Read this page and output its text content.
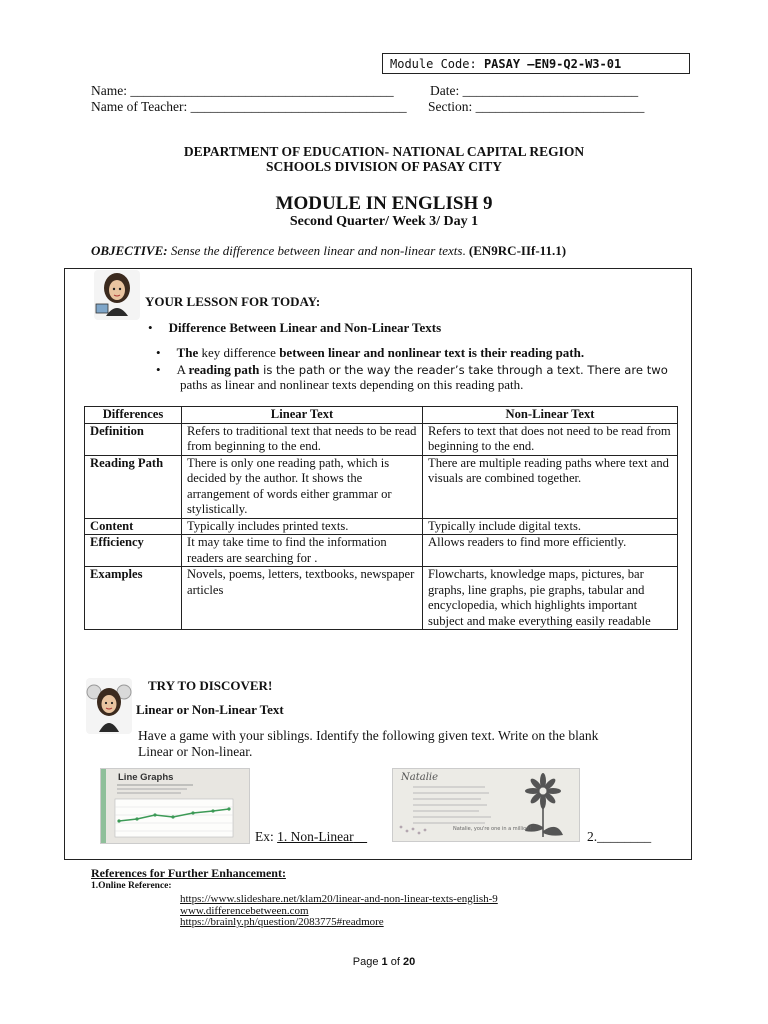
Module Code: PASAY –EN9-Q2-W3-01
Name: _______________________________________	Date: __________________________
Name of Teacher: ________________________________ Section: _________________________
DEPARTMENT OF EDUCATION- NATIONAL CAPITAL REGION
SCHOOLS DIVISION OF PASAY CITY
MODULE IN ENGLISH 9
Second Quarter/ Week 3/ Day 1
OBJECTIVE: Sense the difference between linear and non-linear texts. (EN9RC-IIf-11.1)
YOUR LESSON FOR TODAY:
• Difference Between Linear and Non-Linear Texts
• The key difference between linear and nonlinear text is their reading path.
• A reading path is the path or the way the reader’s take through a text. There are two
paths as linear and nonlinear texts depending on this reading path.
Differences	Linear Text	Non-Linear Text
Definition	Refers to traditional text that needs to be read from beginning to the end.	Refers to text that does not need to be read from beginning to the end.
Reading Path	There is only one reading path, which is decided by the author. It shows the arrangement of words either grammar or stylistically.	There are multiple reading paths where text and visuals are combined together.
Content	Typically includes printed texts.	Typically include digital texts.
Efficiency	It may take time to find the information readers are searching for .	Allows readers to find more efficiently.
Examples	Novels, poems, letters, textbooks, newspaper articles	Flowcharts, knowledge maps, pictures, bar graphs, line graphs, pie graphs, tabular and encyclopedia, which highlights important subject and make everything easily readable
TRY TO DISCOVER!
Linear or Non-Linear Text
Have a game with your siblings. Identify the following given text. Write on the blank
Linear or Non-linear.
Line Graphs	Natalie
Natalie, you're one in a million!
Ex: 1. Non-Linear	2.________
References for Further Enhancement:
1.Online Reference:
https://www.slideshare.net/klam20/linear-and-non-linear-texts-english-9
www.differencebetween.com
https://brainly.ph/question/2083775#readmore
Page 1 of 20
